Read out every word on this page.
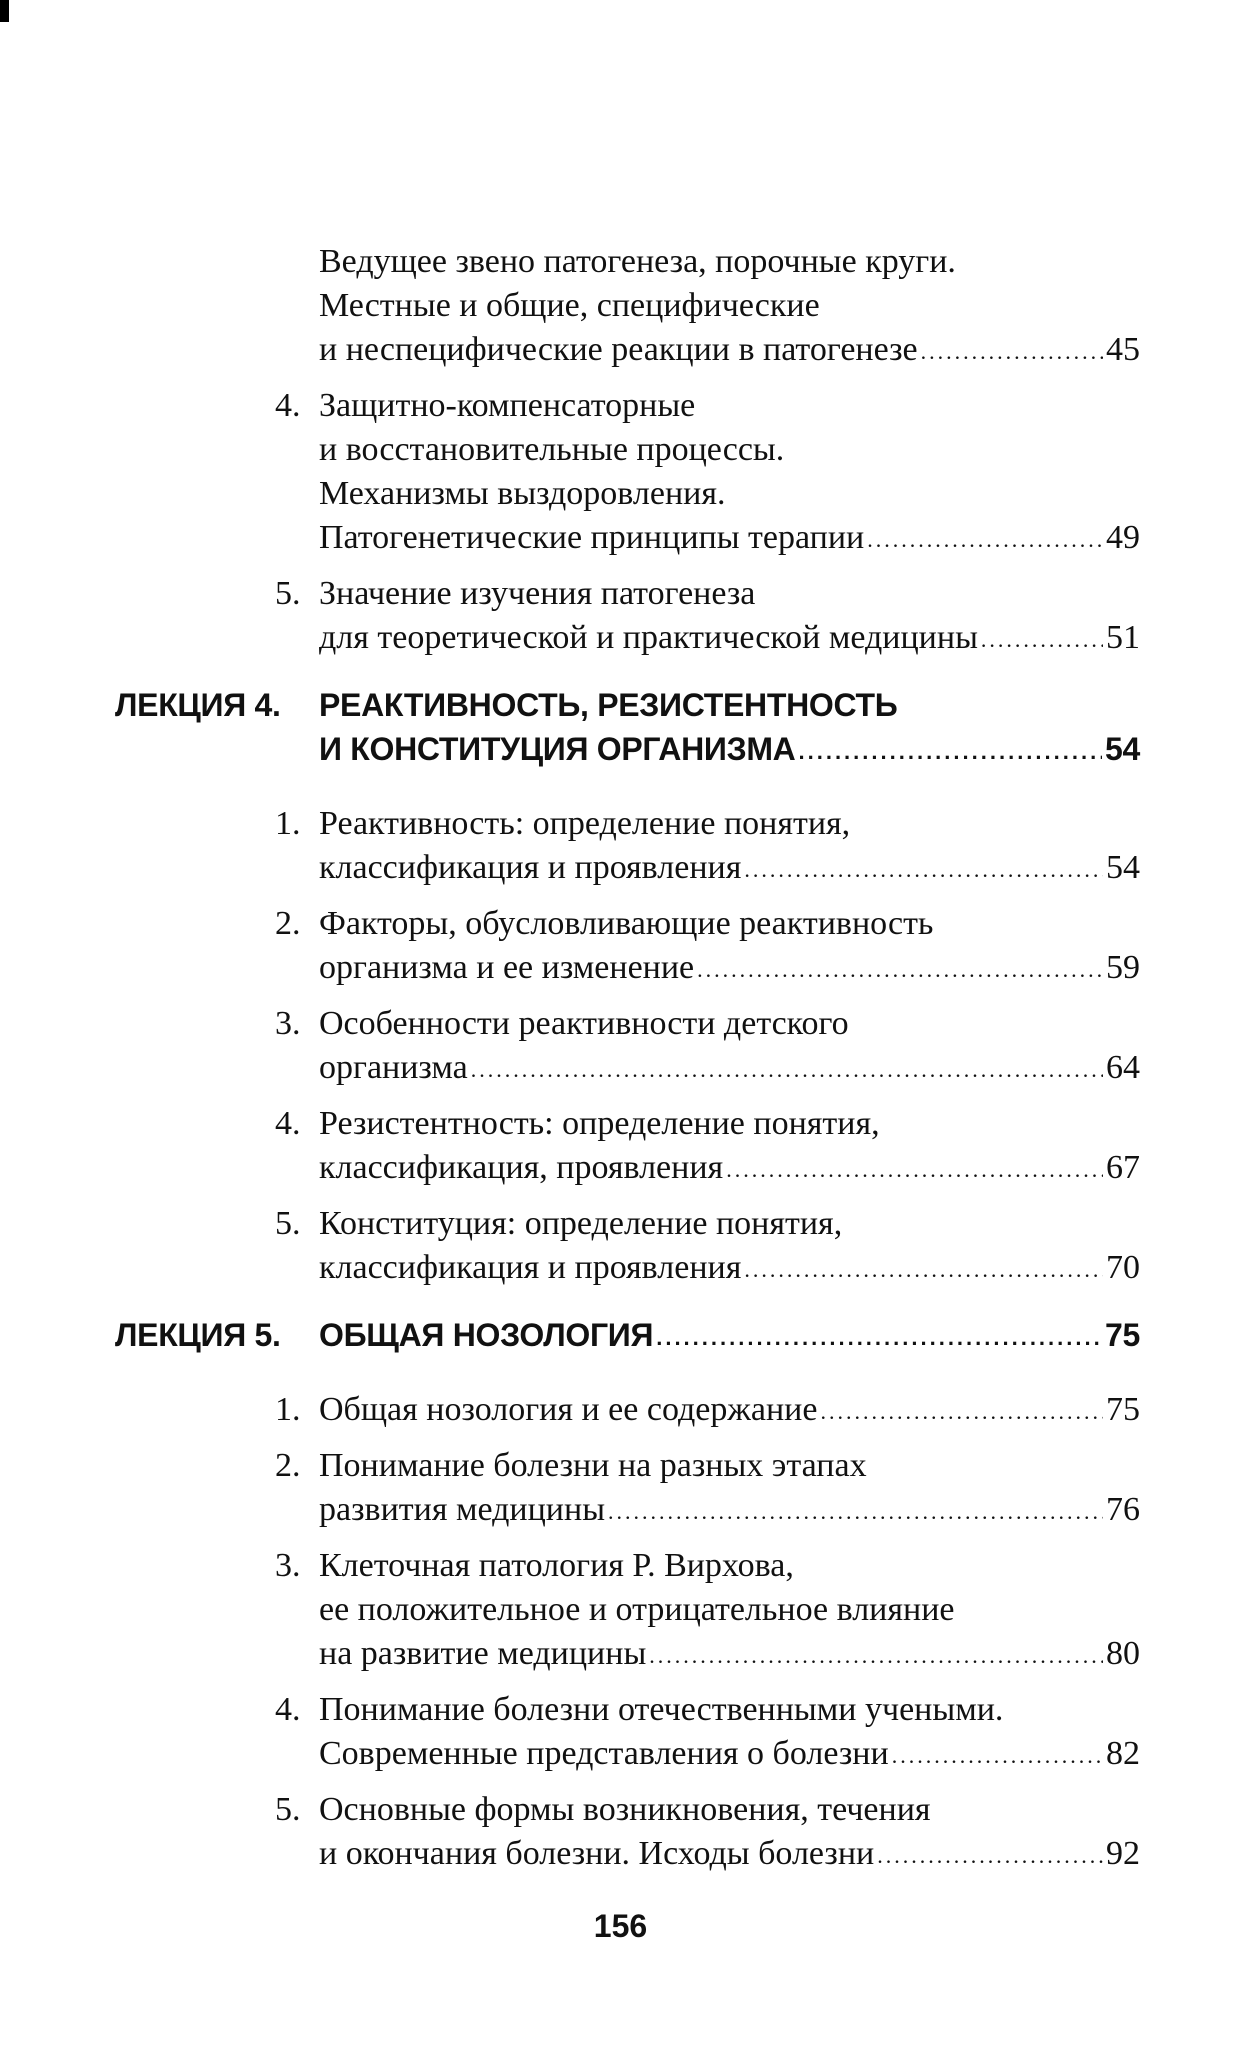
Ведущее звено патогенеза, порочные круги.
Местные и общие, специфические
и неспецифические реакции в патогенезе .....	45
4. Защитно-компенсаторные
и восстановительные процессы.
Механизмы выздоровления.
Патогенетические принципы терапии .....	49
5. Значение изучения патогенеза
для теоретической и практической медицины .....	51
ЛЕКЦИЯ 4. РЕАКТИВНОСТЬ, РЕЗИСТЕНТНОСТЬ
И КОНСТИТУЦИЯ ОРГАНИЗМА .....	54
1. Реактивность: определение понятия,
классификация и проявления .....	54
2. Факторы, обусловливающие реактивность
организма и ее изменение .....	59
3. Особенности реактивности детского
организма .....	64
4. Резистентность: определение понятия,
классификация, проявления .....	67
5. Конституция: определение понятия,
классификация и проявления .....	70
ЛЕКЦИЯ 5. ОБЩАЯ НОЗОЛОГИЯ .....	75
1. Общая нозология и ее содержание .....	75
2. Понимание болезни на разных этапах
развития медицины .....	76
3. Клеточная патология Р. Вирхова,
ее положительное и отрицательное влияние
на развитие медицины .....	80
4. Понимание болезни отечественными учеными.
Современные представления о болезни .....	82
5. Основные формы возникновения, течения
и окончания болезни. Исходы болезни .....	92
156
